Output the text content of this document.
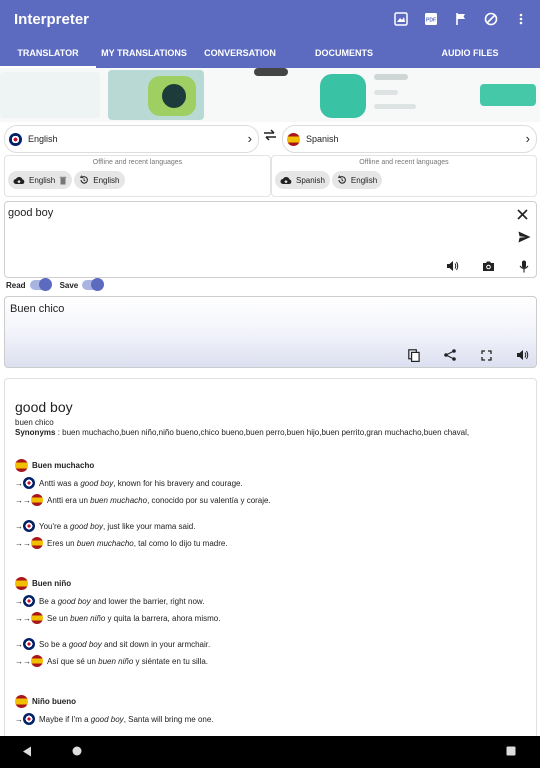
Interpreter	PDF
TRANSLATOR	MY TRANSLATIONS	CONVERSATION	DOCUMENTS	AUDIO FILES
English	›	Spanish	›
Offline and recent languages
English	English
Offline and recent languages
Spanish	English
good boy
Read	Save
Buen chico
good boy
buen chico
Synonyms : buen muchacho,buen niño,niño bueno,chico bueno,buen perro,buen hijo,buen perrito,gran muchacho,buen chaval,
Buen muchacho
→ Antti was a good boy, known for his bravery and courage.
→→ Antti era un buen muchacho, conocido por su valentía y coraje.
→ You're a good boy, just like your mama said.
→→ Eres un buen muchacho, tal como lo dijo tu madre.
Buen niño
→ Be a good boy and lower the barrier, right now.
→→ Se un buen niño y quita la barrera, ahora mismo.
→ So be a good boy and sit down in your armchair.
→→ Así que sé un buen niño y siéntate en tu silla.
Niño bueno
→ Maybe if I'm a good boy, Santa will bring me one.
